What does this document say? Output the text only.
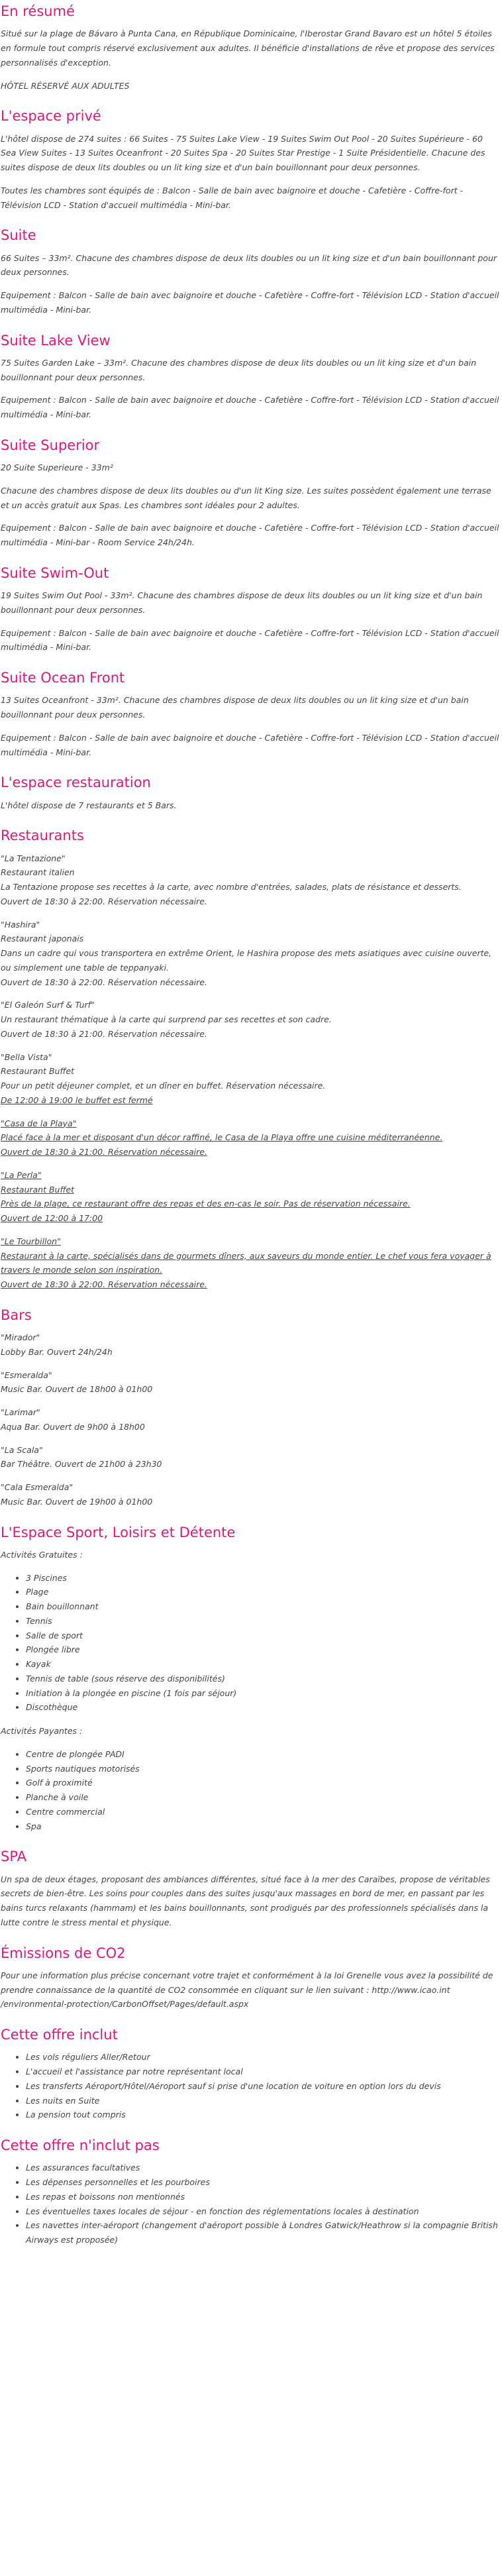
En résumé

Situé sur la plage de Bávaro à Punta Cana, en République Dominicaine, l'Iberostar Grand Bavaro est un hôtel 5 étoiles en formule tout compris réservé exclusivement aux adultes. Il bénéficie d'installations de rêve et propose des services personnalisés d'exception.

HÔTEL RÉSERVÉ AUX ADULTES

L'espace privé

L'hôtel dispose de 274 suites : 66 Suites - 75 Suites Lake View - 19 Suites Swim Out Pool - 20 Suites Supérieure - 60 Sea View Suites - 13 Suites Oceanfront - 20 Suites Spa - 20 Suites Star Prestige - 1 Suite Présidentielle. Chacune des suites dispose de deux lits doubles ou un lit king size et d'un bain bouillonnant pour deux personnes.

Toutes les chambres sont équipés de : Balcon - Salle de bain avec baignoire et douche - Cafetière - Coffre-fort - Télévision LCD - Station d'accueil multimédia - Mini-bar.

Suite

66 Suites – 33m². Chacune des chambres dispose de deux lits doubles ou un lit king size et d'un bain bouillonnant pour deux personnes.

Equipement : Balcon - Salle de bain avec baignoire et douche - Cafetière - Coffre-fort - Télévision LCD - Station d'accueil multimédia - Mini-bar.

Suite Lake View

75 Suites Garden Lake – 33m². Chacune des chambres dispose de deux lits doubles ou un lit king size et d'un bain bouillonnant pour deux personnes.

Equipement : Balcon - Salle de bain avec baignoire et douche - Cafetière - Coffre-fort - Télévision LCD - Station d'accueil multimédia - Mini-bar.

Suite Superior

20 Suite Superieure - 33m²

Chacune des chambres dispose de deux lits doubles ou d'un lit King size. Les suites possèdent également une terrase et un accès gratuit aux Spas. Les chambres sont idéales pour 2 adultes.

Equipement : Balcon - Salle de bain avec baignoire et douche - Cafetière - Coffre-fort - Télévision LCD - Station d'accueil multimédia - Mini-bar - Room Service 24h/24h.

Suite Swim-Out

19 Suites Swim Out Pool - 33m². Chacune des chambres dispose de deux lits doubles ou un lit king size et d'un bain bouillonnant pour deux personnes.

Equipement : Balcon - Salle de bain avec baignoire et douche - Cafetière - Coffre-fort - Télévision LCD - Station d'accueil multimédia - Mini-bar.

Suite Ocean Front

13 Suites Oceanfront - 33m². Chacune des chambres dispose de deux lits doubles ou un lit king size et d'un bain bouillonnant pour deux personnes.

Equipement : Balcon - Salle de bain avec baignoire et douche - Cafetière - Coffre-fort - Télévision LCD - Station d'accueil multimédia - Mini-bar.

L'espace restauration

L'hôtel dispose de 7 restaurants et 5 Bars.

Restaurants
"La Tentazione"
Restaurant italien
La Tentazione propose ses recettes à la carte, avec nombre d'entrées, salades, plats de résistance et desserts.
Ouvert de 18:30 à 22:00. Réservation nécessaire.
"Hashira"
Restaurant japonais
Dans un cadre qui vous transportera en extrême Orient, le Hashira propose des mets asiatiques avec cuisine ouverte, ou simplement une table de teppanyaki.
Ouvert de 18:30 à 22:00. Réservation nécessaire.
"El Galeón Surf & Turf"
Un restaurant thématique à la carte qui surprend par ses recettes et son cadre.
Ouvert de 18:30 à 21:00. Réservation nécessaire.
"Bella Vista"
Restaurant Buffet
Pour un petit déjeuner complet, et un dîner en buffet. Réservation nécessaire.
De 12:00 à 19:00 le buffet est fermé
"Casa de la Playa"
Placé face à la mer et disposant d'un décor raffiné, le Casa de la Playa offre une cuisine méditerranéenne.
Ouvert de 18:30 à 21:00. Réservation nécessaire.
"La Perla"
Restaurant Buffet
Près de la plage, ce restaurant offre des repas et des en-cas le soir. Pas de réservation nécessaire.
Ouvert de 12:00 à 17:00
"Le Tourbillon"
Restaurant à la carte, spécialisés dans de gourmets dîners, aux saveurs du monde entier. Le chef vous fera voyager à travers le monde selon son inspiration.
Ouvert de 18:30 à 22:00. Réservation nécessaire.
Bars
"Mirador"
Lobby Bar. Ouvert 24h/24h
"Esmeralda"
Music Bar. Ouvert de 18h00 à 01h00
"Larimar"
Aqua Bar. Ouvert de 9h00 à 18h00
"La Scala"
Bar Théâtre. Ouvert de 21h00 à 23h30
"Cala Esmeralda"
Music Bar. Ouvert de 19h00 à 01h00
L'Espace Sport, Loisirs et Détente

Activités Gratuites :

• 3 Piscines
• Plage
• Bain bouillonnant
• Tennis
• Salle de sport
• Plongée libre
• Kayak
• Tennis de table (sous réserve des disponibilités)
• Initiation à la plongée en piscine (1 fois par séjour)
• Discothèque

Activités Payantes :

• Centre de plongée PADI
• Sports nautiques motorisés
• Golf à proximité
• Planche à voile
• Centre commercial
• Spa
SPA

Un spa de deux étages, proposant des ambiances différentes, situé face à la mer des Caraïbes, propose de véritables secrets de bien-être. Les soins pour couples dans des suites jusqu'aux massages en bord de mer, en passant par les bains turcs relaxants (hammam) et les bains bouillonnants, sont prodigués par des professionnels spécialisés dans la lutte contre le stress mental et physique.

Émissions de CO2

Pour une information plus précise concernant votre trajet et conformément à la loi Grenelle vous avez la possibilité de prendre connaissance de la quantité de CO2 consommée en cliquant sur le lien suivant : http://www.icao.int /environmental-protection/CarbonOffset/Pages/default.aspx

Cette offre inclut
• Les vols réguliers Aller/Retour
• L'accueil et l'assistance par notre représentant local
• Les transferts Aéroport/Hôtel/Aéroport sauf si prise d'une location de voiture en option lors du devis
• Les nuits en Suite
• La pension tout compris
Cette offre n'inclut pas
• Les assurances facultatives
• Les dépenses personnelles et les pourboires
• Les repas et boissons non mentionnés
• Les éventuelles taxes locales de séjour - en fonction des réglementations locales à destination
• Les navettes inter-aéroport (changement d'aéroport possible à Londres Gatwick/Heathrow si la compagnie British Airways est proposée)
